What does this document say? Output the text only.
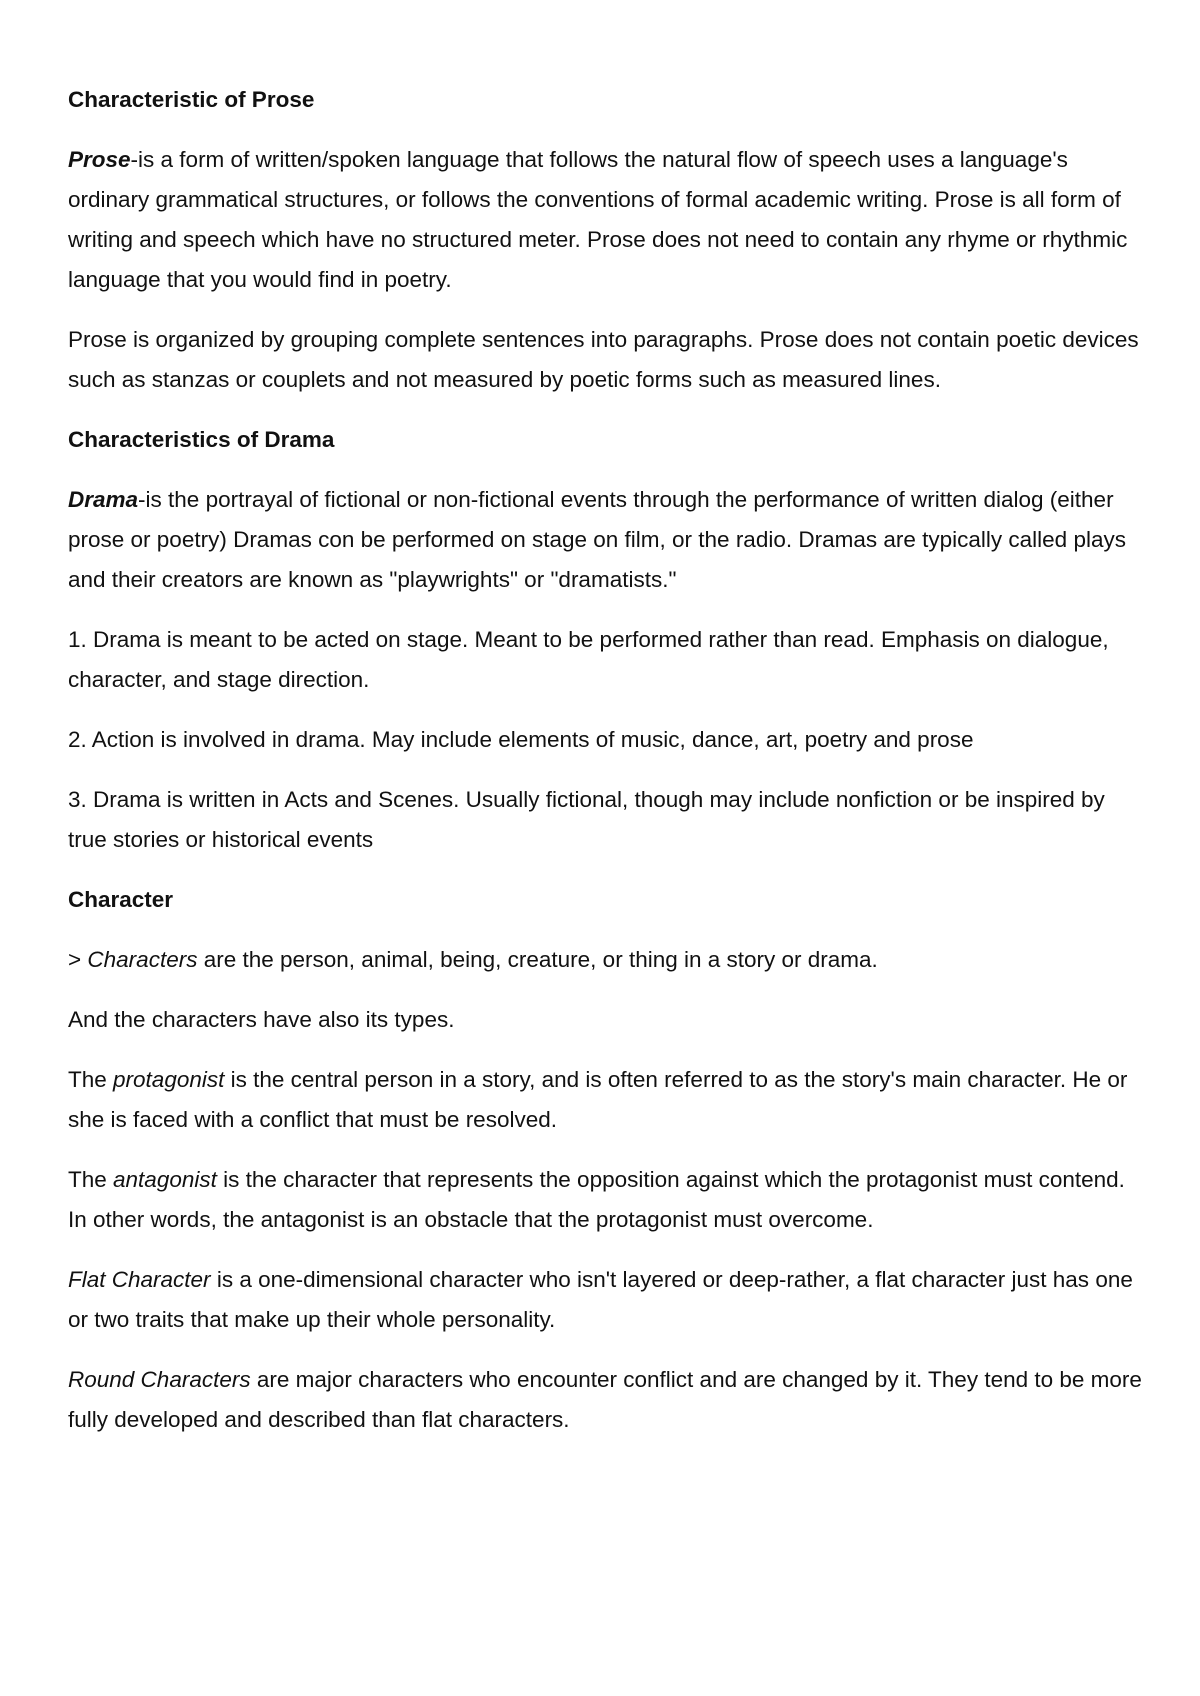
Characteristic of Prose

Prose-is a form of written/spoken language that follows the natural flow of speech uses a language's ordinary grammatical structures, or follows the conventions of formal academic writing. Prose is all form of writing and speech which have no structured meter. Prose does not need to contain any rhyme or rhythmic language that you would find in poetry.

Prose is organized by grouping complete sentences into paragraphs. Prose does not contain poetic devices such as stanzas or couplets and not measured by poetic forms such as measured lines.

Characteristics of Drama

Drama-is the portrayal of fictional or non-fictional events through the performance of written dialog (either prose or poetry) Dramas con be performed on stage on film, or the radio. Dramas are typically called plays and their creators are known as "playwrights" or "dramatists."

1. Drama is meant to be acted on stage. Meant to be performed rather than read. Emphasis on dialogue, character, and stage direction.

2. Action is involved in drama. May include elements of music, dance, art, poetry and prose

3. Drama is written in Acts and Scenes. Usually fictional, though may include nonfiction or be inspired by true stories or historical events

Character

> Characters are the person, animal, being, creature, or thing in a story or drama.

And the characters have also its types.

The protagonist is the central person in a story, and is often referred to as the story's main character. He or she is faced with a conflict that must be resolved.

The antagonist is the character that represents the opposition against which the protagonist must contend. In other words, the antagonist is an obstacle that the protagonist must overcome.

Flat Character is a one-dimensional character who isn't layered or deep-rather, a flat character just has one or two traits that make up their whole personality.

Round Characters are major characters who encounter conflict and are changed by it. They tend to be more fully developed and described than flat characters.
